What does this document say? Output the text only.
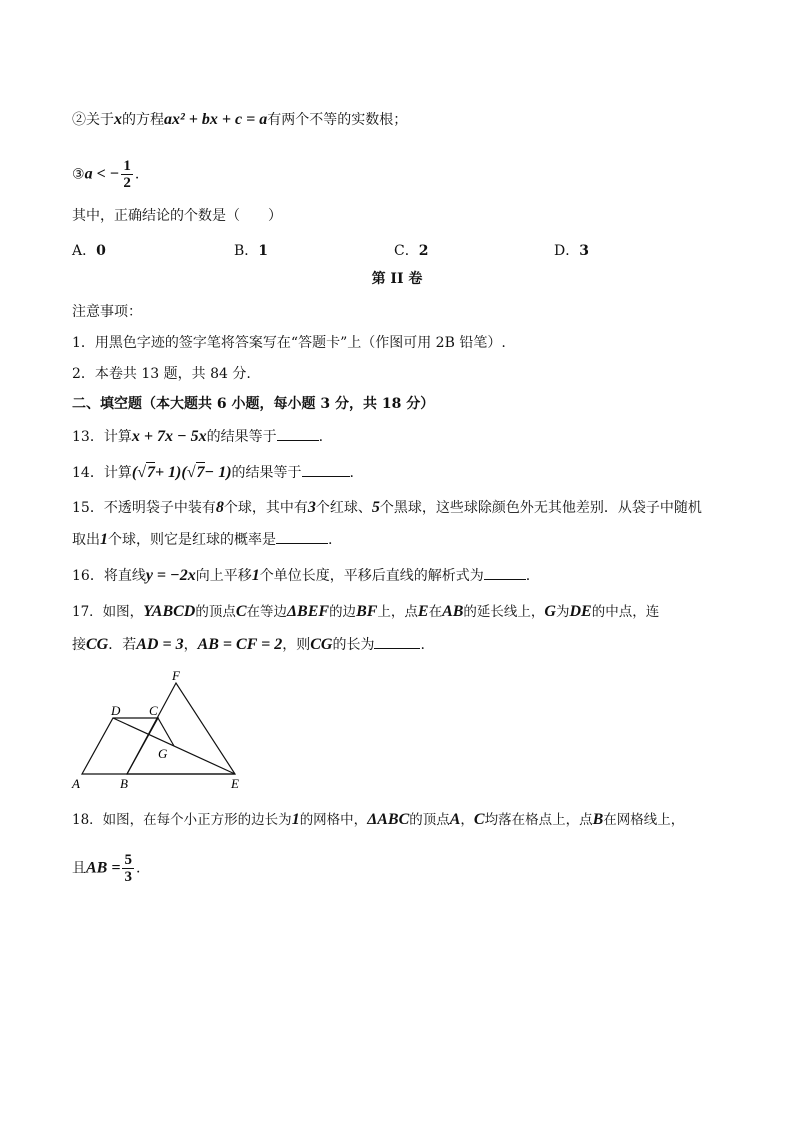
②关于x的方程ax² + bx + c = a有两个不等的实数根；
③a < − $\frac{1}{2}$ .
其中，正确结论的个数是（　　）
A．0	B．1	C．2	D．3
第 II 卷
注意事项：
1．用黑色字迹的签字笔将答案写在“答题卡”上（作图可用 2B 铅笔）.
2．本卷共 13 题，共 84 分.
二、填空题（本大题共 6 小题，每小题 3 分，共 18 分）
13．计算x + 7x − 5x的结果等于	.
14．计算(√7+ 1)(√7− 1)的结果等于	.
15．不透明袋子中装有8个球，其中有3个红球、5个黑球，这些球除颜色外无其他差别．从袋子中随机
取出1个球，则它是红球的概率是	.
16．将直线y = −2x向上平移1个单位长度，平移后直线的解析式为	.
17．如图，YABCD的顶点C在等边ΔBEF的边BF上，点E在AB的延长线上，G为DE的中点，连
接CG．若AD = 3，AB = CF = 2，则CG的长为	.
A	B
C
D
E
F
G
18．如图，在每个小正方形的边长为1的网格中，ΔABC的顶点A，C均落在格点上，点B在网格线上，
且AB = $\frac{5}{3}$ .
